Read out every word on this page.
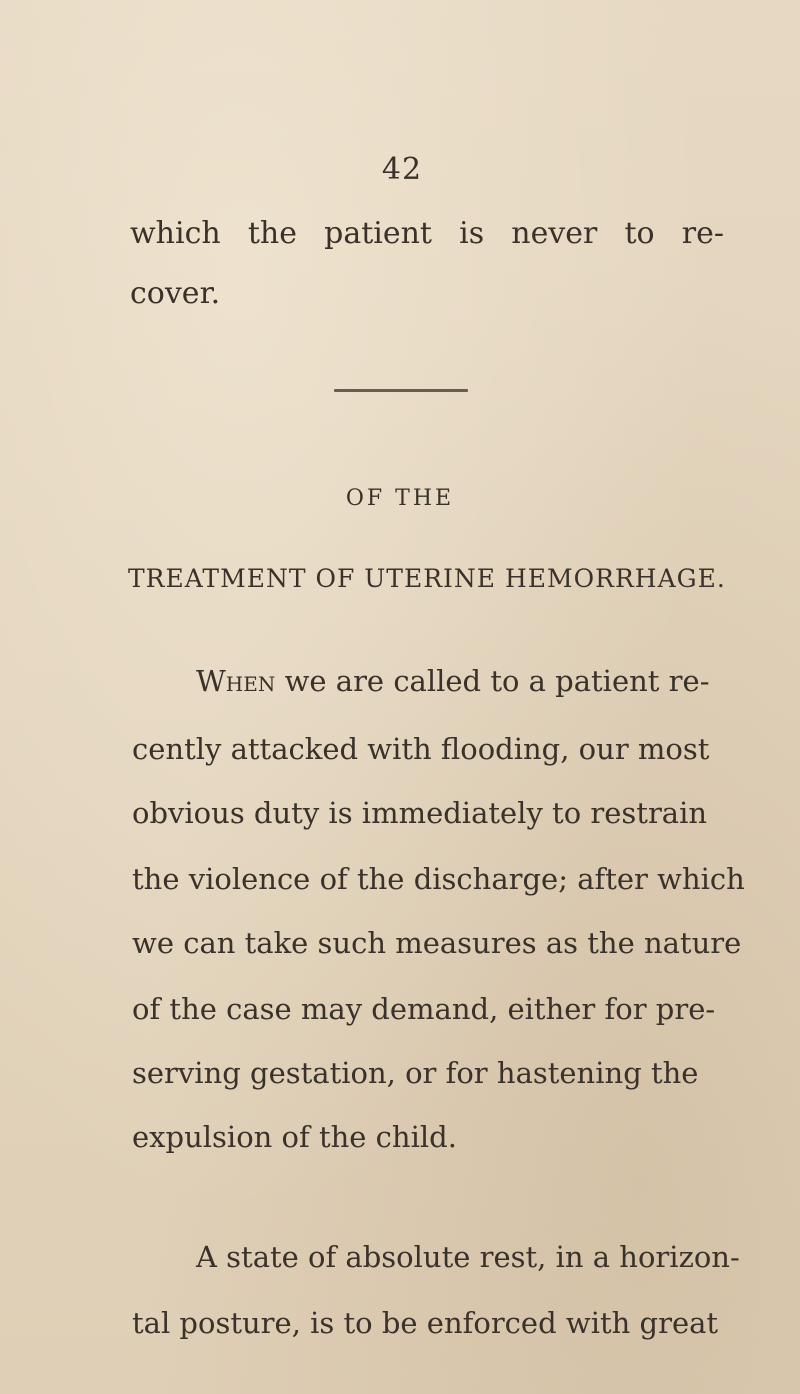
42
which the patient is never to re-
cover.
OF THE
TREATMENT OF UTERINE HEMORRHAGE.
When we are called to a patient re-
cently attacked with flooding, our most
obvious duty is immediately to restrain
the violence of the discharge; after which
we can take such measures as the nature
of the case may demand, either for pre-
serving gestation, or for hastening the
expulsion of the child.
A state of absolute rest, in a horizon-
tal posture, is to be enforced with great
